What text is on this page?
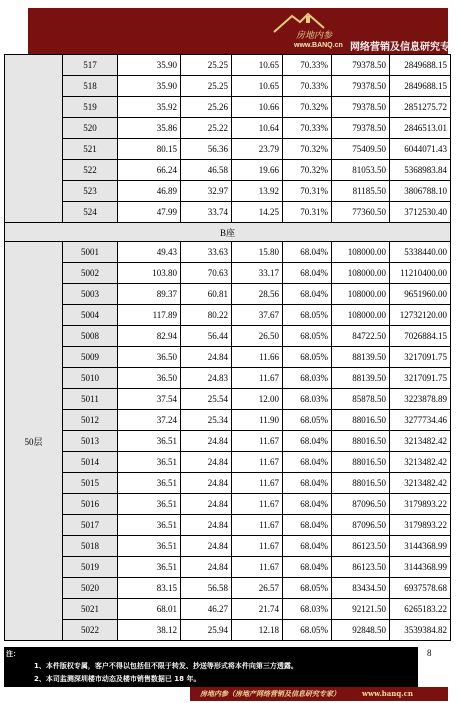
房地内参
www.BANQ.cn 网络营销及信息研究专家
	517	35.90	25.25	10.65	70.33%	79378.50	2849688.15
	518	35.90	25.25	10.65	70.33%	79378.50	2849688.15
	519	35.92	25.26	10.66	70.32%	79378.50	2851275.72
	520	35.86	25.22	10.64	70.33%	79378.50	2846513.01
	521	80.15	56.36	23.79	70.32%	75409.50	6044071.43
	522	66.24	46.58	19.66	70.32%	81053.50	5368983.84
	523	46.89	32.97	13.92	70.31%	81185.50	3806788.10
	524	47.99	33.74	14.25	70.31%	77360.50	3712530.40
B座							
50层	5001	49.43	33.63	15.80	68.04%	108000.00	5338440.00
	5002	103.80	70.63	33.17	68.04%	108000.00	11210400.00
	5003	89.37	60.81	28.56	68.04%	108000.00	9651960.00
	5004	117.89	80.22	37.67	68.05%	108000.00	12732120.00
	5008	82.94	56.44	26.50	68.05%	84722.50	7026884.15
	5009	36.50	24.84	11.66	68.05%	88139.50	3217091.75
	5010	36.50	24.83	11.67	68.03%	88139.50	3217091.75
	5011	37.54	25.54	12.00	68.03%	85878.50	3223878.89
	5012	37.24	25.34	11.90	68.05%	88016.50	3277734.46
	5013	36.51	24.84	11.67	68.04%	88016.50	3213482.42
	5014	36.51	24.84	11.67	68.04%	88016.50	3213482.42
	5015	36.51	24.84	11.67	68.04%	88016.50	3213482.42
	5016	36.51	24.84	11.67	68.04%	87096.50	3179893.22
	5017	36.51	24.84	11.67	68.04%	87096.50	3179893.22
	5018	36.51	24.84	11.67	68.04%	86123.50	3144368.99
	5019	36.51	24.84	11.67	68.04%	86123.50	3144368.99
	5020	83.15	56.58	26.57	68.05%	83434.50	6937578.68
	5021	68.01	46.27	21.74	68.03%	92121.50	6265183.22
	5022	38.12	25.94	12.18	68.05%	92848.50	3539384.82
8
注：
1、本件版权专属，客户不得以包括但不限于转发、抄送等形式将本件向第三方透露。
2、本司监测深圳楼市动态及楼市销售数据已 18 年。
房地内参（房地产网络营销及信息研究专家）	www.banq.cn
